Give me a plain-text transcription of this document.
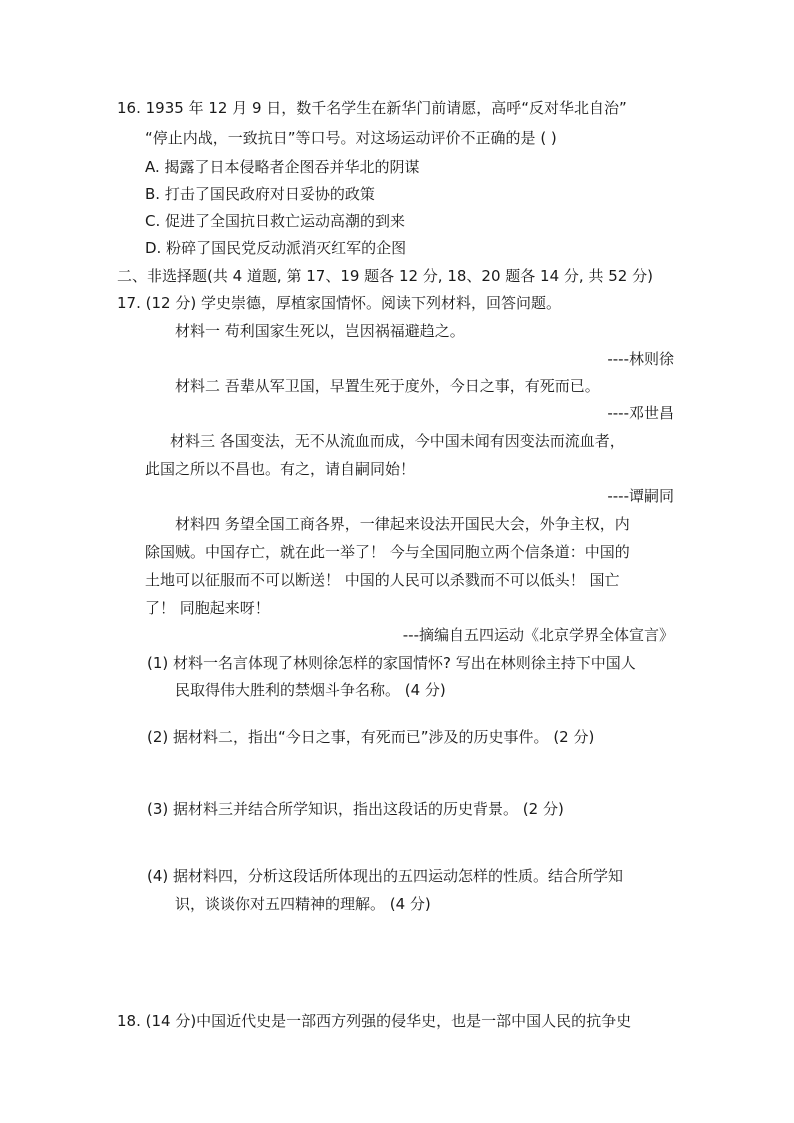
16. 1935 年 12 月 9 日，数千名学生在新华门前请愿，高呼“反对华北自治”
“停止内战，一致抗日”等口号。对这场运动评价不正确的是 ( )
A. 揭露了日本侵略者企图吞并华北的阴谋
B. 打击了国民政府对日妥协的政策
C. 促进了全国抗日救亡运动高潮的到来
D. 粉碎了国民党反动派消灭红军的企图
二、非选择题(共 4 道题, 第 17、19 题各 12 分, 18、20 题各 14 分, 共 52 分)
17. (12 分) 学史崇德，厚植家国情怀。阅读下列材料，回答问题。
材料一 苟利国家生死以，岂因祸福避趋之。
----林则徐
材料二 吾辈从军卫国，早置生死于度外，今日之事，有死而已。
----邓世昌
材料三 各国变法，无不从流血而成，今中国未闻有因变法而流血者，
此国之所以不昌也。有之，请自嗣同始！
----谭嗣同
材料四 务望全国工商各界，一律起来设法开国民大会，外争主权，内
除国贼。中国存亡，就在此一举了！ 今与全国同胞立两个信条道：中国的
土地可以征服而不可以断送！ 中国的人民可以杀戮而不可以低头！ 国亡
了！ 同胞起来呀！
---摘编自五四运动《北京学界全体宣言》
(1) 材料一名言体现了林则徐怎样的家国情怀? 写出在林则徐主持下中国人
民取得伟大胜利的禁烟斗争名称。 (4 分)
(2) 据材料二，指出“今日之事，有死而已”涉及的历史事件。 (2 分)
(3) 据材料三并结合所学知识，指出这段话的历史背景。 (2 分)
(4) 据材料四，分析这段话所体现出的五四运动怎样的性质。结合所学知
识，谈谈你对五四精神的理解。 (4 分)
18. (14 分)中国近代史是一部西方列强的侵华史，也是一部中国人民的抗争史
